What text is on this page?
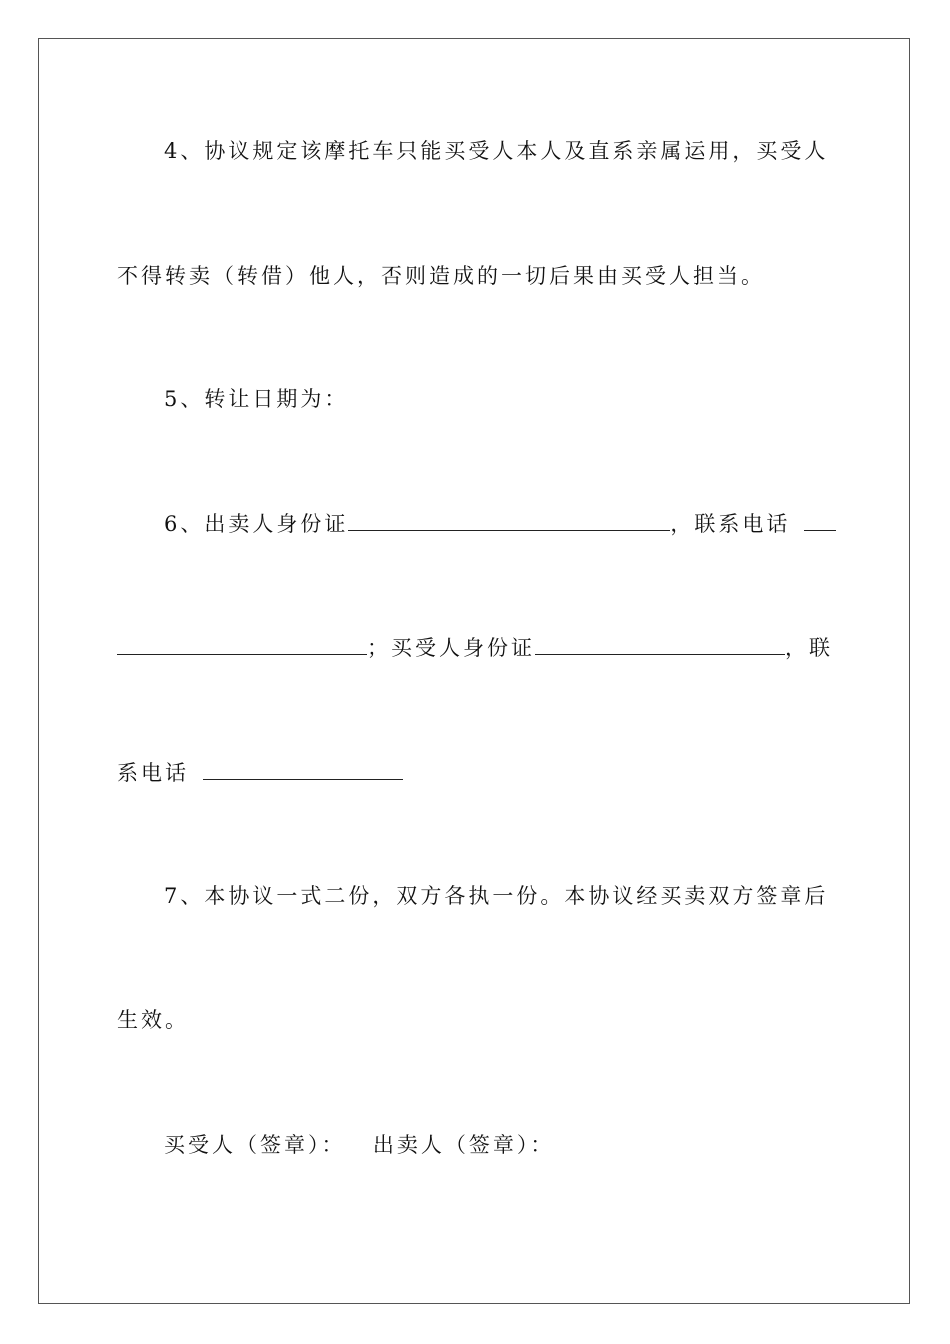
4、协议规定该摩托车只能买受人本人及直系亲属运用，买受人
不得转卖（转借）他人，否则造成的一切后果由买受人担当。
5、转让日期为：
6、出卖人身份证	，联系电话
；买受人身份证	，联
系电话
7、本协议一式二份，双方各执一份。本协议经买卖双方签章后
生效。
买受人（签章）： 出卖人（签章）：
